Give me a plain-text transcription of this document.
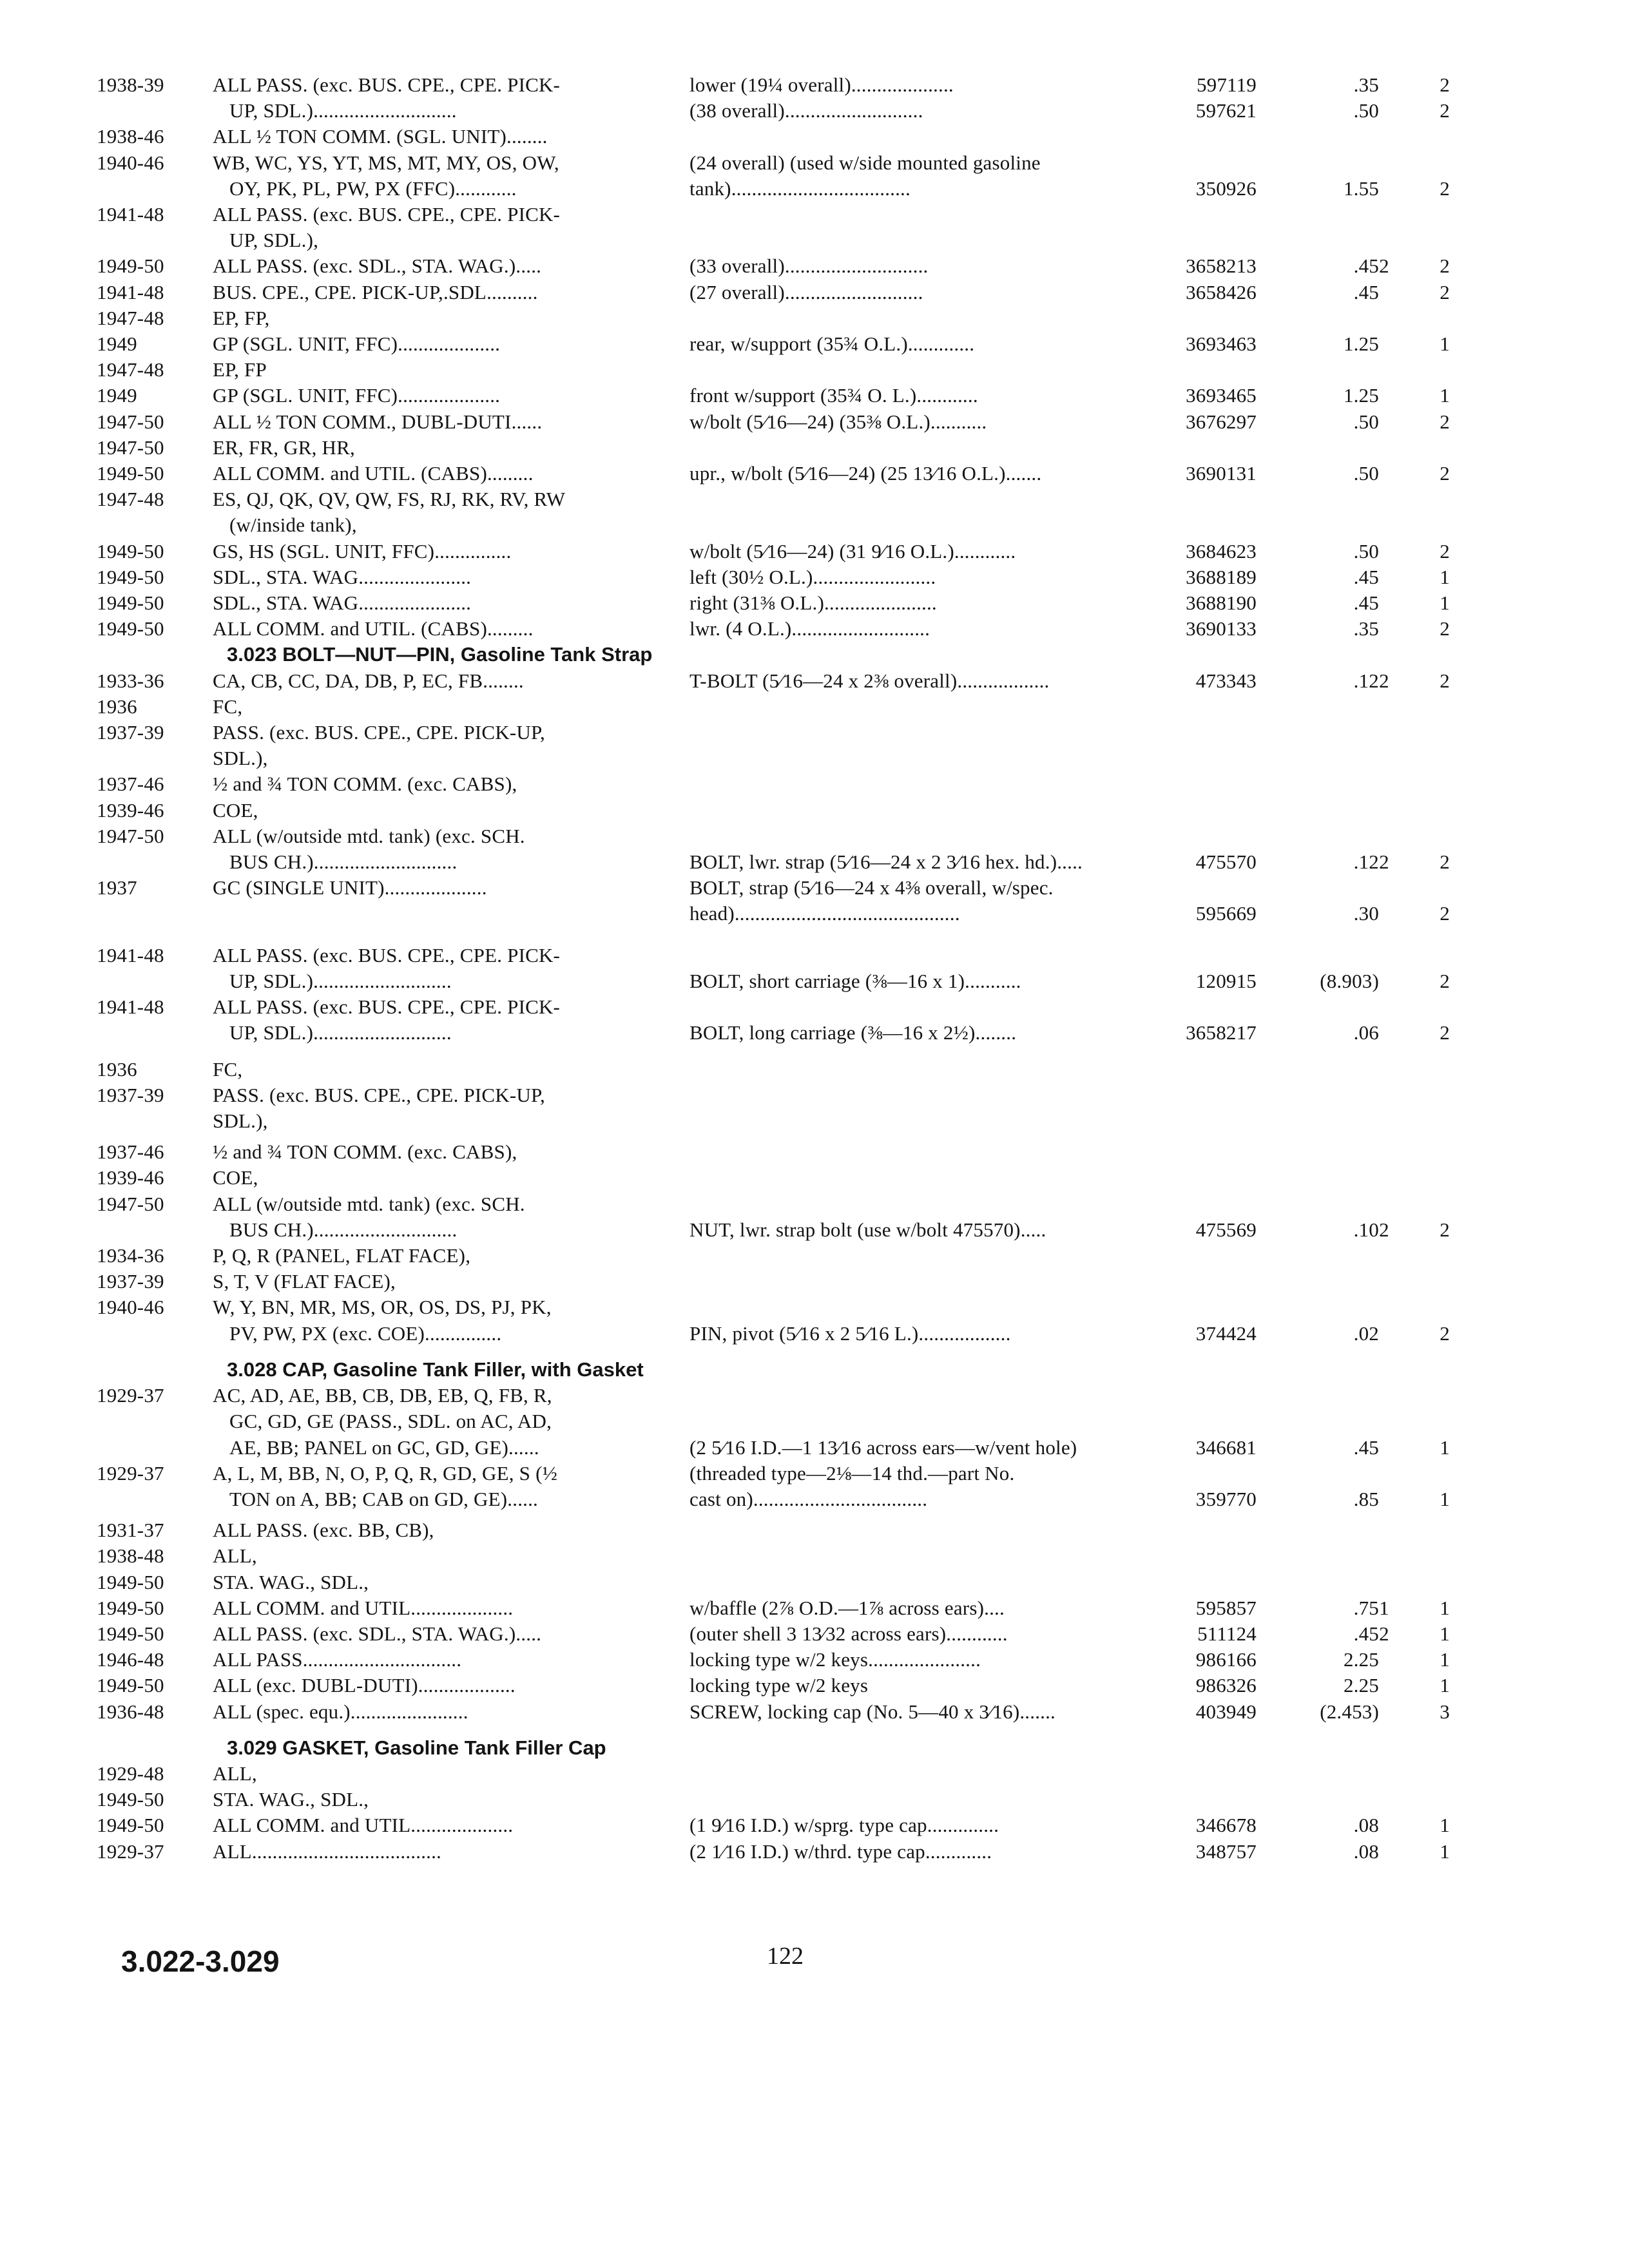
3.022-3.029	122
1938-39	ALL PASS. (exc. BUS. CPE., CPE. PICK-	lower (19¼ overall)....................	597119	.35	2
UP, SDL.)............................	(38 overall)...........................	597621	.50	2
1938-46	ALL ½ TON COMM. (SGL. UNIT)........
1940-46	WB, WC, YS, YT, MS, MT, MY, OS, OW,	(24 overall) (used w/side mounted gasoline
OY, PK, PL, PW, PX (FFC)............	tank)...................................	350926	1.55	2
1941-48	ALL PASS. (exc. BUS. CPE., CPE. PICK-
UP, SDL.),
1949-50	ALL PASS. (exc. SDL., STA. WAG.).....	(33 overall)............................	3658213	.45 2	2
1941-48	BUS. CPE., CPE. PICK-UP,.SDL..........	(27 overall)...........................	3658426	.45	2
1947-48	EP, FP,
1949	GP (SGL. UNIT, FFC)....................	rear, w/support (35¾ O.L.).............	3693463	1.25	1
1947-48	EP, FP
1949	GP (SGL. UNIT, FFC)....................	front w/support (35¾ O. L.)............	3693465	1.25	1
1947-50	ALL ½ TON COMM., DUBL-DUTI......	w/bolt (5⁄16—24) (35⅜ O.L.)...........	3676297	.50	2
1947-50	ER, FR, GR, HR,
1949-50	ALL COMM. and UTIL. (CABS).........	upr., w/bolt (5⁄16—24) (25 13⁄16 O.L.).......	3690131	.50	2
1947-48	ES, QJ, QK, QV, QW, FS, RJ, RK, RV, RW
(w/inside tank),
1949-50	GS, HS (SGL. UNIT, FFC)...............	w/bolt (5⁄16—24) (31 9⁄16 O.L.)............	3684623	.50	2
1949-50	SDL., STA. WAG......................	left (30½ O.L.)........................	3688189	.45	1
1949-50	SDL., STA. WAG......................	right (31⅜ O.L.)......................	3688190	.45	1
1949-50	ALL COMM. and UTIL. (CABS).........	lwr. (4 O.L.)...........................	3690133	.35	2
3.023 BOLT—NUT—PIN, Gasoline Tank Strap
1933-36	CA, CB, CC, DA, DB, P, EC, FB........	T-BOLT (5⁄16—24 x 2⅜ overall)..................	473343	.12 2	2
1936	FC,
1937-39	PASS. (exc. BUS. CPE., CPE. PICK-UP,
SDL.),
1937-46	½ and ¾ TON COMM. (exc. CABS),
1939-46	COE,
1947-50	ALL (w/outside mtd. tank) (exc. SCH.
BUS CH.)............................	BOLT, lwr. strap (5⁄16—24 x 2 3⁄16 hex. hd.).....	475570	.12 2	2
1937	GC (SINGLE UNIT)....................	BOLT, strap (5⁄16—24 x 4⅜ overall, w/spec.
head)............................................	595669	.30	2
1941-48	ALL PASS. (exc. BUS. CPE., CPE. PICK-
UP, SDL.)...........................	BOLT, short carriage (⅜—16 x 1)...........	120915	(8.903)	2
1941-48	ALL PASS. (exc. BUS. CPE., CPE. PICK-
UP, SDL.)...........................	BOLT, long carriage (⅜—16 x 2½)........	3658217	.06	2
1936	FC,
1937-39	PASS. (exc. BUS. CPE., CPE. PICK-UP,
SDL.),
1937-46	½ and ¾ TON COMM. (exc. CABS),
1939-46	COE,
1947-50	ALL (w/outside mtd. tank) (exc. SCH.
BUS CH.)............................	NUT, lwr. strap bolt (use w/bolt 475570).....	475569	.10 2	2
1934-36	P, Q, R (PANEL, FLAT FACE),
1937-39	S, T, V (FLAT FACE),
1940-46	W, Y, BN, MR, MS, OR, OS, DS, PJ, PK,
PV, PW, PX (exc. COE)...............	PIN, pivot (5⁄16 x 2 5⁄16 L.)..................	374424	.02	2
3.028 CAP, Gasoline Tank Filler, with Gasket
1929-37	AC, AD, AE, BB, CB, DB, EB, Q, FB, R,
GC, GD, GE (PASS., SDL. on AC, AD,
AE, BB; PANEL on GC, GD, GE)......	(2 5⁄16 I.D.—1 13⁄16 across ears—w/vent hole)	346681	.45	1
1929-37	A, L, M, BB, N, O, P, Q, R, GD, GE, S (½	(threaded type—2⅛—14 thd.—part No.
TON on A, BB; CAB on GD, GE)......	cast on)..................................	359770	.85	1
1931-37	ALL PASS. (exc. BB, CB),
1938-48	ALL,
1949-50	STA. WAG., SDL.,
1949-50	ALL COMM. and UTIL....................	w/baffle (2⅞ O.D.—1⅞ across ears)....	595857	.75 1	1
1949-50	ALL PASS. (exc. SDL., STA. WAG.).....	(outer shell 3 13⁄32 across ears)............	511124	.45 2	1
1946-48	ALL PASS...............................	locking type w/2 keys......................	986166	2.25	1
1949-50	ALL (exc. DUBL-DUTI)...................	locking type w/2 keys	986326	2.25	1
1936-48	ALL (spec. equ.).......................	SCREW, locking cap (No. 5—40 x 3⁄16).......	403949	(2.453)	3
3.029 GASKET, Gasoline Tank Filler Cap
1929-48	ALL,
1949-50	STA. WAG., SDL.,
1949-50	ALL COMM. and UTIL....................	(1 9⁄16 I.D.) w/sprg. type cap..............	346678	.08	1
1929-37	ALL.....................................	(2 1⁄16 I.D.) w/thrd. type cap.............	348757	.08	1
